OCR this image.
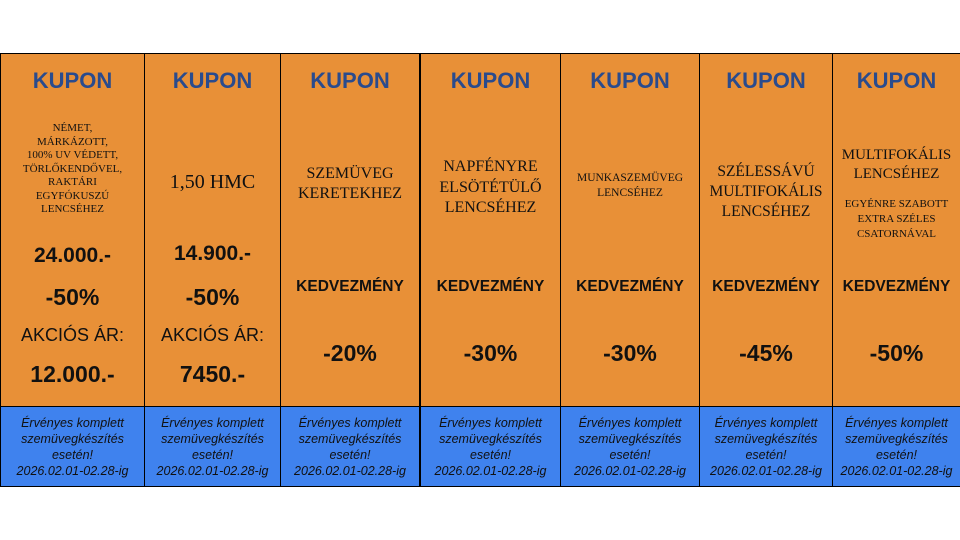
KUPON
NÉMET,
MÁRKÁZOTT,
100% UV VÉDETT,
TÖRLŐKENDŐVEL,
RAKTÁRI
EGYFÓKUSZÚ
LENCSÉHEZ
24.000.-
-50%
AKCIÓS ÁR:
12.000.-
Érvényes komplett szemüvegkészítés esetén!
2026.02.01-02.28-ig
KUPON
1,50 HMC
14.900.-
-50%
AKCIÓS ÁR:
7450.-
Érvényes komplett szemüvegkészítés esetén!
2026.02.01-02.28-ig
KUPON
SZEMÜVEG
KERETEKHEZ
KEDVEZMÉNY
-20%
Érvényes komplett szemüvegkészítés esetén!
2026.02.01-02.28-ig
KUPON
NAPFÉNYRE
ELSÖTÉTÜLŐ
LENCSÉHEZ
KEDVEZMÉNY
-30%
Érvényes komplett szemüvegkészítés esetén!
2026.02.01-02.28-ig
KUPON
MUNKASZEMÜVEG
LENCSÉHEZ
KEDVEZMÉNY
-30%
Érvényes komplett szemüvegkészítés esetén!
2026.02.01-02.28-ig
KUPON
SZÉLESSÁVÚ
MULTIFOKÁLIS
LENCSÉHEZ
KEDVEZMÉNY
-45%
Érvényes komplett szemüvegkészítés esetén!
2026.02.01-02.28-ig
KUPON
MULTIFOKÁLIS
LENCSÉHEZ
EGYÉNRE SZABOTT
EXTRA SZÉLES
CSATORNÁVAL
KEDVEZMÉNY
-50%
Érvényes komplett szemüvegkészítés esetén!
2026.02.01-02.28-ig
